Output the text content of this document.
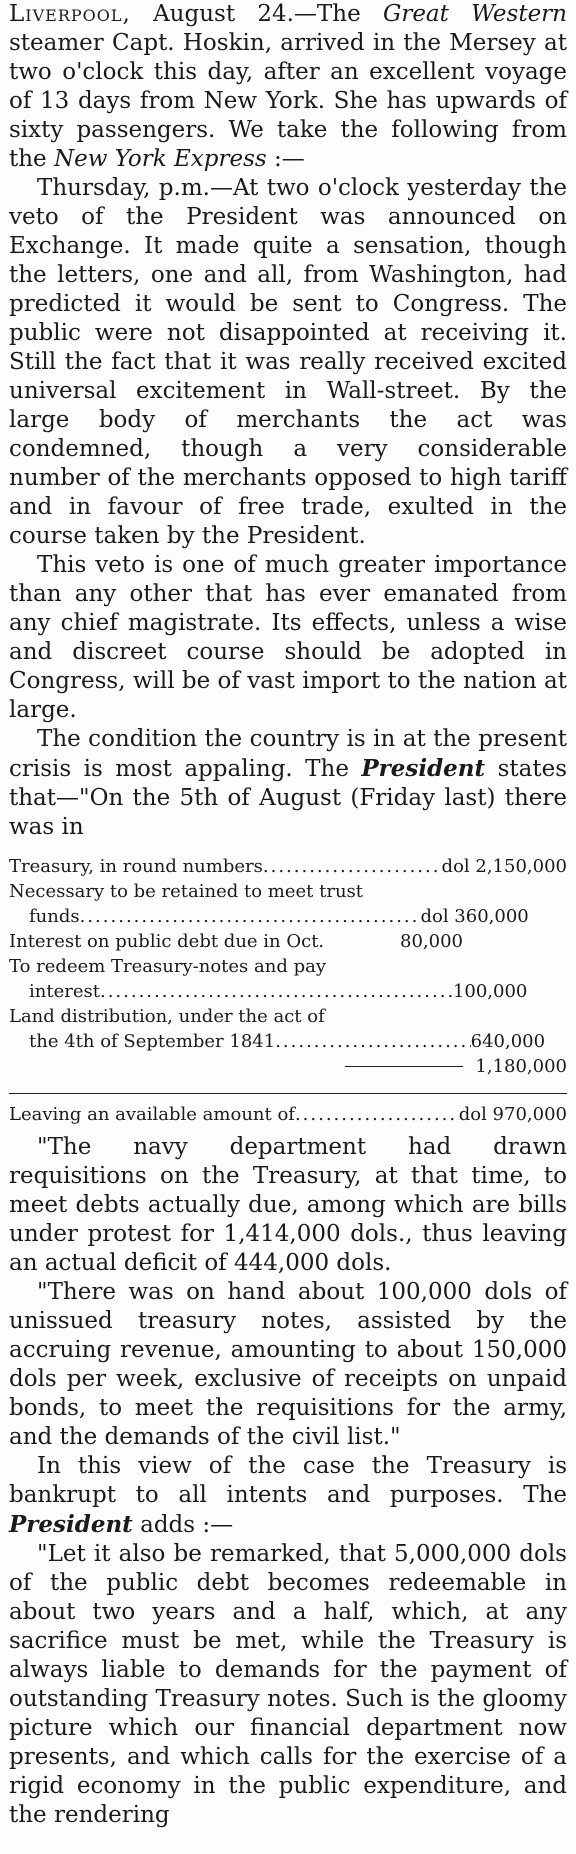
Liverpool, August 24.—The Great Western steamer Capt. Hoskin, arrived in the Mersey at two o'clock this day, after an excellent voyage of 13 days from New York. She has upwards of sixty passengers. We take the following from the New York Express :—

Thursday, p.m.—At two o'clock yesterday the veto of the President was announced on Exchange. It made quite a sensation, though the letters, one and all, from Washington, had predicted it would be sent to Congress. The public were not disappointed at receiving it. Still the fact that it was really received excited universal excitement in Wall-street. By the large body of merchants the act was condemned, though a very considerable number of the merchants opposed to high tariff and in favour of free trade, exulted in the course taken by the President.

This veto is one of much greater importance than any other that has ever emanated from any chief magistrate. Its effects, unless a wise and discreet course should be adopted in Congress, will be of vast import to the nation at large.

The condition the country is in at the present crisis is most appaling. The President states that—"On the 5th of August (Friday last) there was in

Treasury, in round numbers .....	dol 2,150,000
Necessary to be retained to meet trust
funds .....	dol 360,000
Interest on public debt due in Oct.	80,000
To redeem Treasury-notes and pay
interest .....	100,000
Land distribution, under the act of
the 4th of September 1841 .....	640,000
1,180,000
Leaving an available amount of .....	dol 970,000

"The navy department had drawn requisitions on the Treasury, at that time, to meet debts actually due, among which are bills under protest for 1,414,000 dols., thus leaving an actual deficit of 444,000 dols.

"There was on hand about 100,000 dols of unissued treasury notes, assisted by the accruing revenue, amounting to about 150,000 dols per week, exclusive of receipts on unpaid bonds, to meet the requisitions for the army, and the demands of the civil list."

In this view of the case the Treasury is bankrupt to all intents and purposes. The President adds :—

"Let it also be remarked, that 5,000,000 dols of the public debt becomes redeemable in about two years and a half, which, at any sacrifice must be met, while the Treasury is always liable to demands for the payment of outstanding Treasury notes. Such is the gloomy picture which our financial department now presents, and which calls for the exercise of a rigid economy in the public expenditure, and the rendering
